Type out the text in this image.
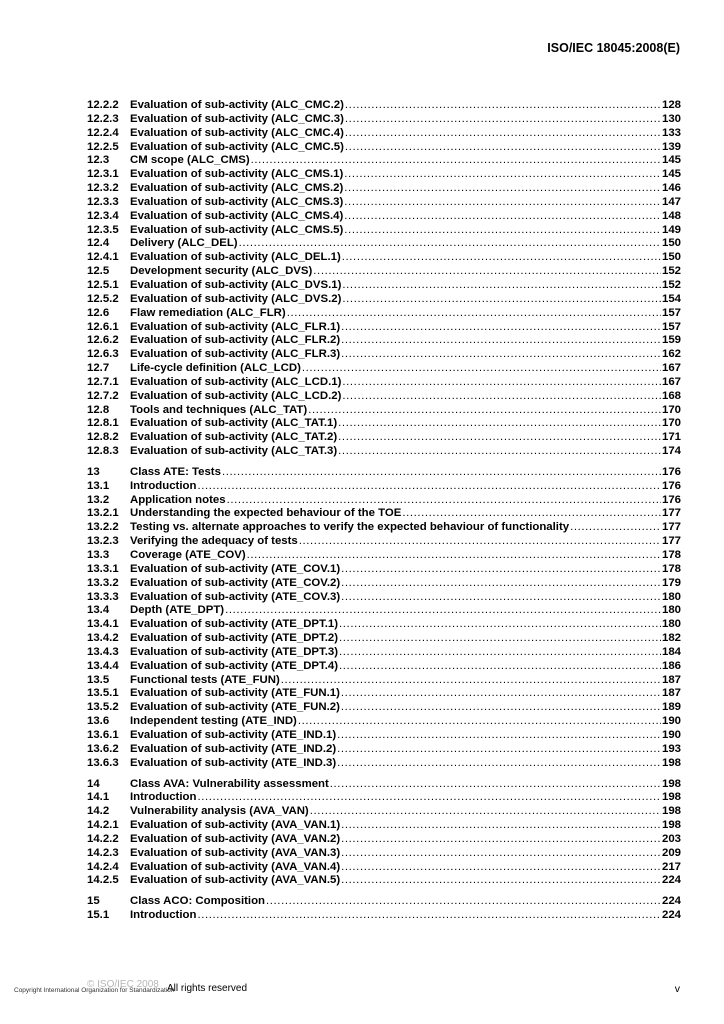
ISO/IEC 18045:2008(E)
12.2.2 Evaluation of sub-activity (ALC_CMC.2) .....	128
12.2.3 Evaluation of sub-activity (ALC_CMC.3) .....	130
12.2.4 Evaluation of sub-activity (ALC_CMC.4) .....	133
12.2.5 Evaluation of sub-activity (ALC_CMC.5) .....	139
12.3	CM scope (ALC_CMS) .....	145
12.3.1 Evaluation of sub-activity (ALC_CMS.1) .....	145
12.3.2 Evaluation of sub-activity (ALC_CMS.2) .....	146
12.3.3 Evaluation of sub-activity (ALC_CMS.3) .....	147
12.3.4 Evaluation of sub-activity (ALC_CMS.4) .....	148
12.3.5 Evaluation of sub-activity (ALC_CMS.5) .....	149
12.4	Delivery (ALC_DEL) .....	150
12.4.1 Evaluation of sub-activity (ALC_DEL.1) .....	150
12.5	Development security (ALC_DVS) .....	152
12.5.1 Evaluation of sub-activity (ALC_DVS.1) .....	152
12.5.2 Evaluation of sub-activity (ALC_DVS.2) .....	154
12.6	Flaw remediation (ALC_FLR) .....	157
12.6.1 Evaluation of sub-activity (ALC_FLR.1) .....	157
12.6.2 Evaluation of sub-activity (ALC_FLR.2) .....	159
12.6.3 Evaluation of sub-activity (ALC_FLR.3) .....	162
12.7	Life-cycle definition (ALC_LCD) .....	167
12.7.1 Evaluation of sub-activity (ALC_LCD.1) .....	167
12.7.2 Evaluation of sub-activity (ALC_LCD.2) .....	168
12.8	Tools and techniques (ALC_TAT) .....	170
12.8.1 Evaluation of sub-activity (ALC_TAT.1) .....	170
12.8.2 Evaluation of sub-activity (ALC_TAT.2) .....	171
12.8.3 Evaluation of sub-activity (ALC_TAT.3) .....	174
13	Class ATE: Tests .....	176
13.1	Introduction .....	176
13.2	Application notes .....	176
13.2.1 Understanding the expected behaviour of the TOE .....	177
13.2.2 Testing vs. alternate approaches to verify the expected behaviour of functionality .....	177
13.2.3 Verifying the adequacy of tests .....	177
13.3	Coverage (ATE_COV) .....	178
13.3.1 Evaluation of sub-activity (ATE_COV.1) .....	178
13.3.2 Evaluation of sub-activity (ATE_COV.2) .....	179
13.3.3 Evaluation of sub-activity (ATE_COV.3) .....	180
13.4	Depth (ATE_DPT) .....	180
13.4.1 Evaluation of sub-activity (ATE_DPT.1) .....	180
13.4.2 Evaluation of sub-activity (ATE_DPT.2) .....	182
13.4.3 Evaluation of sub-activity (ATE_DPT.3) .....	184
13.4.4 Evaluation of sub-activity (ATE_DPT.4) .....	186
13.5	Functional tests (ATE_FUN) .....	187
13.5.1 Evaluation of sub-activity (ATE_FUN.1) .....	187
13.5.2 Evaluation of sub-activity (ATE_FUN.2) .....	189
13.6	Independent testing (ATE_IND) .....	190
13.6.1 Evaluation of sub-activity (ATE_IND.1) .....	190
13.6.2 Evaluation of sub-activity (ATE_IND.2) .....	193
13.6.3 Evaluation of sub-activity (ATE_IND.3) .....	198
14	Class AVA: Vulnerability assessment .....	198
14.1	Introduction .....	198
14.2	Vulnerability analysis (AVA_VAN) .....	198
14.2.1 Evaluation of sub-activity (AVA_VAN.1) .....	198
14.2.2 Evaluation of sub-activity (AVA_VAN.2) .....	203
14.2.3 Evaluation of sub-activity (AVA_VAN.3) .....	209
14.2.4 Evaluation of sub-activity (AVA_VAN.4) .....	217
14.2.5 Evaluation of sub-activity (AVA_VAN.5) .....	224
15	Class ACO: Composition .....	224
15.1	Introduction .....	224
© ISO/IEC 2008
Copyright International Organization for Standardization
All rights reserved	v
